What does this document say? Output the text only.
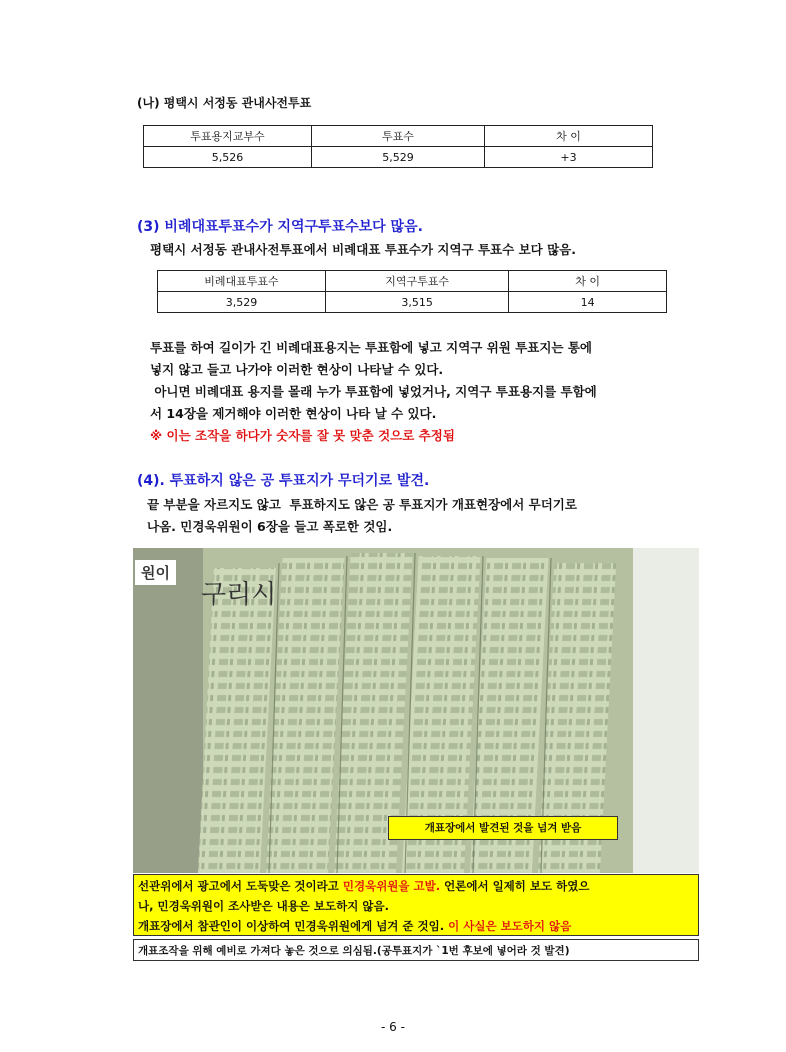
(나) 평택시 서정동 관내사전투표
투표용지교부수	투표수	차 이
5,526	5,529	+3
(3) 비례대표투표수가 지역구투표수보다 많음.
평택시 서정동 관내사전투표에서 비례대표 투표수가 지역구 투표수 보다 많음.
비례대표투표수	지역구투표수	차 이
3,529	3,515	14
투표를 하여 길이가 긴 비례대표용지는 투표함에 넣고 지역구 위원 투표지는 통에
넣지 않고 들고 나가야 이러한 현상이 나타날 수 있다.
아니면 비례대표 용지를 몰래 누가 투표함에 넣었거나, 지역구 투표용지를 투함에
서 14장을 제거해야 이러한 현상이 나타 날 수 있다.
※ 이는 조작을 하다가 숫자를 잘 못 맞춘 것으로 추정됨
(4). 투표하지 않은 공 투표지가 무더기로 발견.
끝 부분을 자르지도 않고  투표하지도 않은 공 투표지가 개표현장에서 무더기로
나옴. 민경욱위원이 6장을 들고 폭로한 것임.
원이
구리시
개표장에서 발견된 것을 넘겨 받음
선관위에서 광고에서 도둑맞은 것이라고 민경욱위원을 고발. 언론에서 일제히 보도 하였으
나, 민경욱위원이 조사받은 내용은 보도하지 않음.
개표장에서 참관인이 이상하여 민경욱위원에게 넘겨 준 것임. 이 사실은 보도하지 않음
개표조작을 위해 예비로 가져다 놓은 것으로 의심됨.(공투표지가 `1번 후보에 넣어라 것 발견)
- 6 -
